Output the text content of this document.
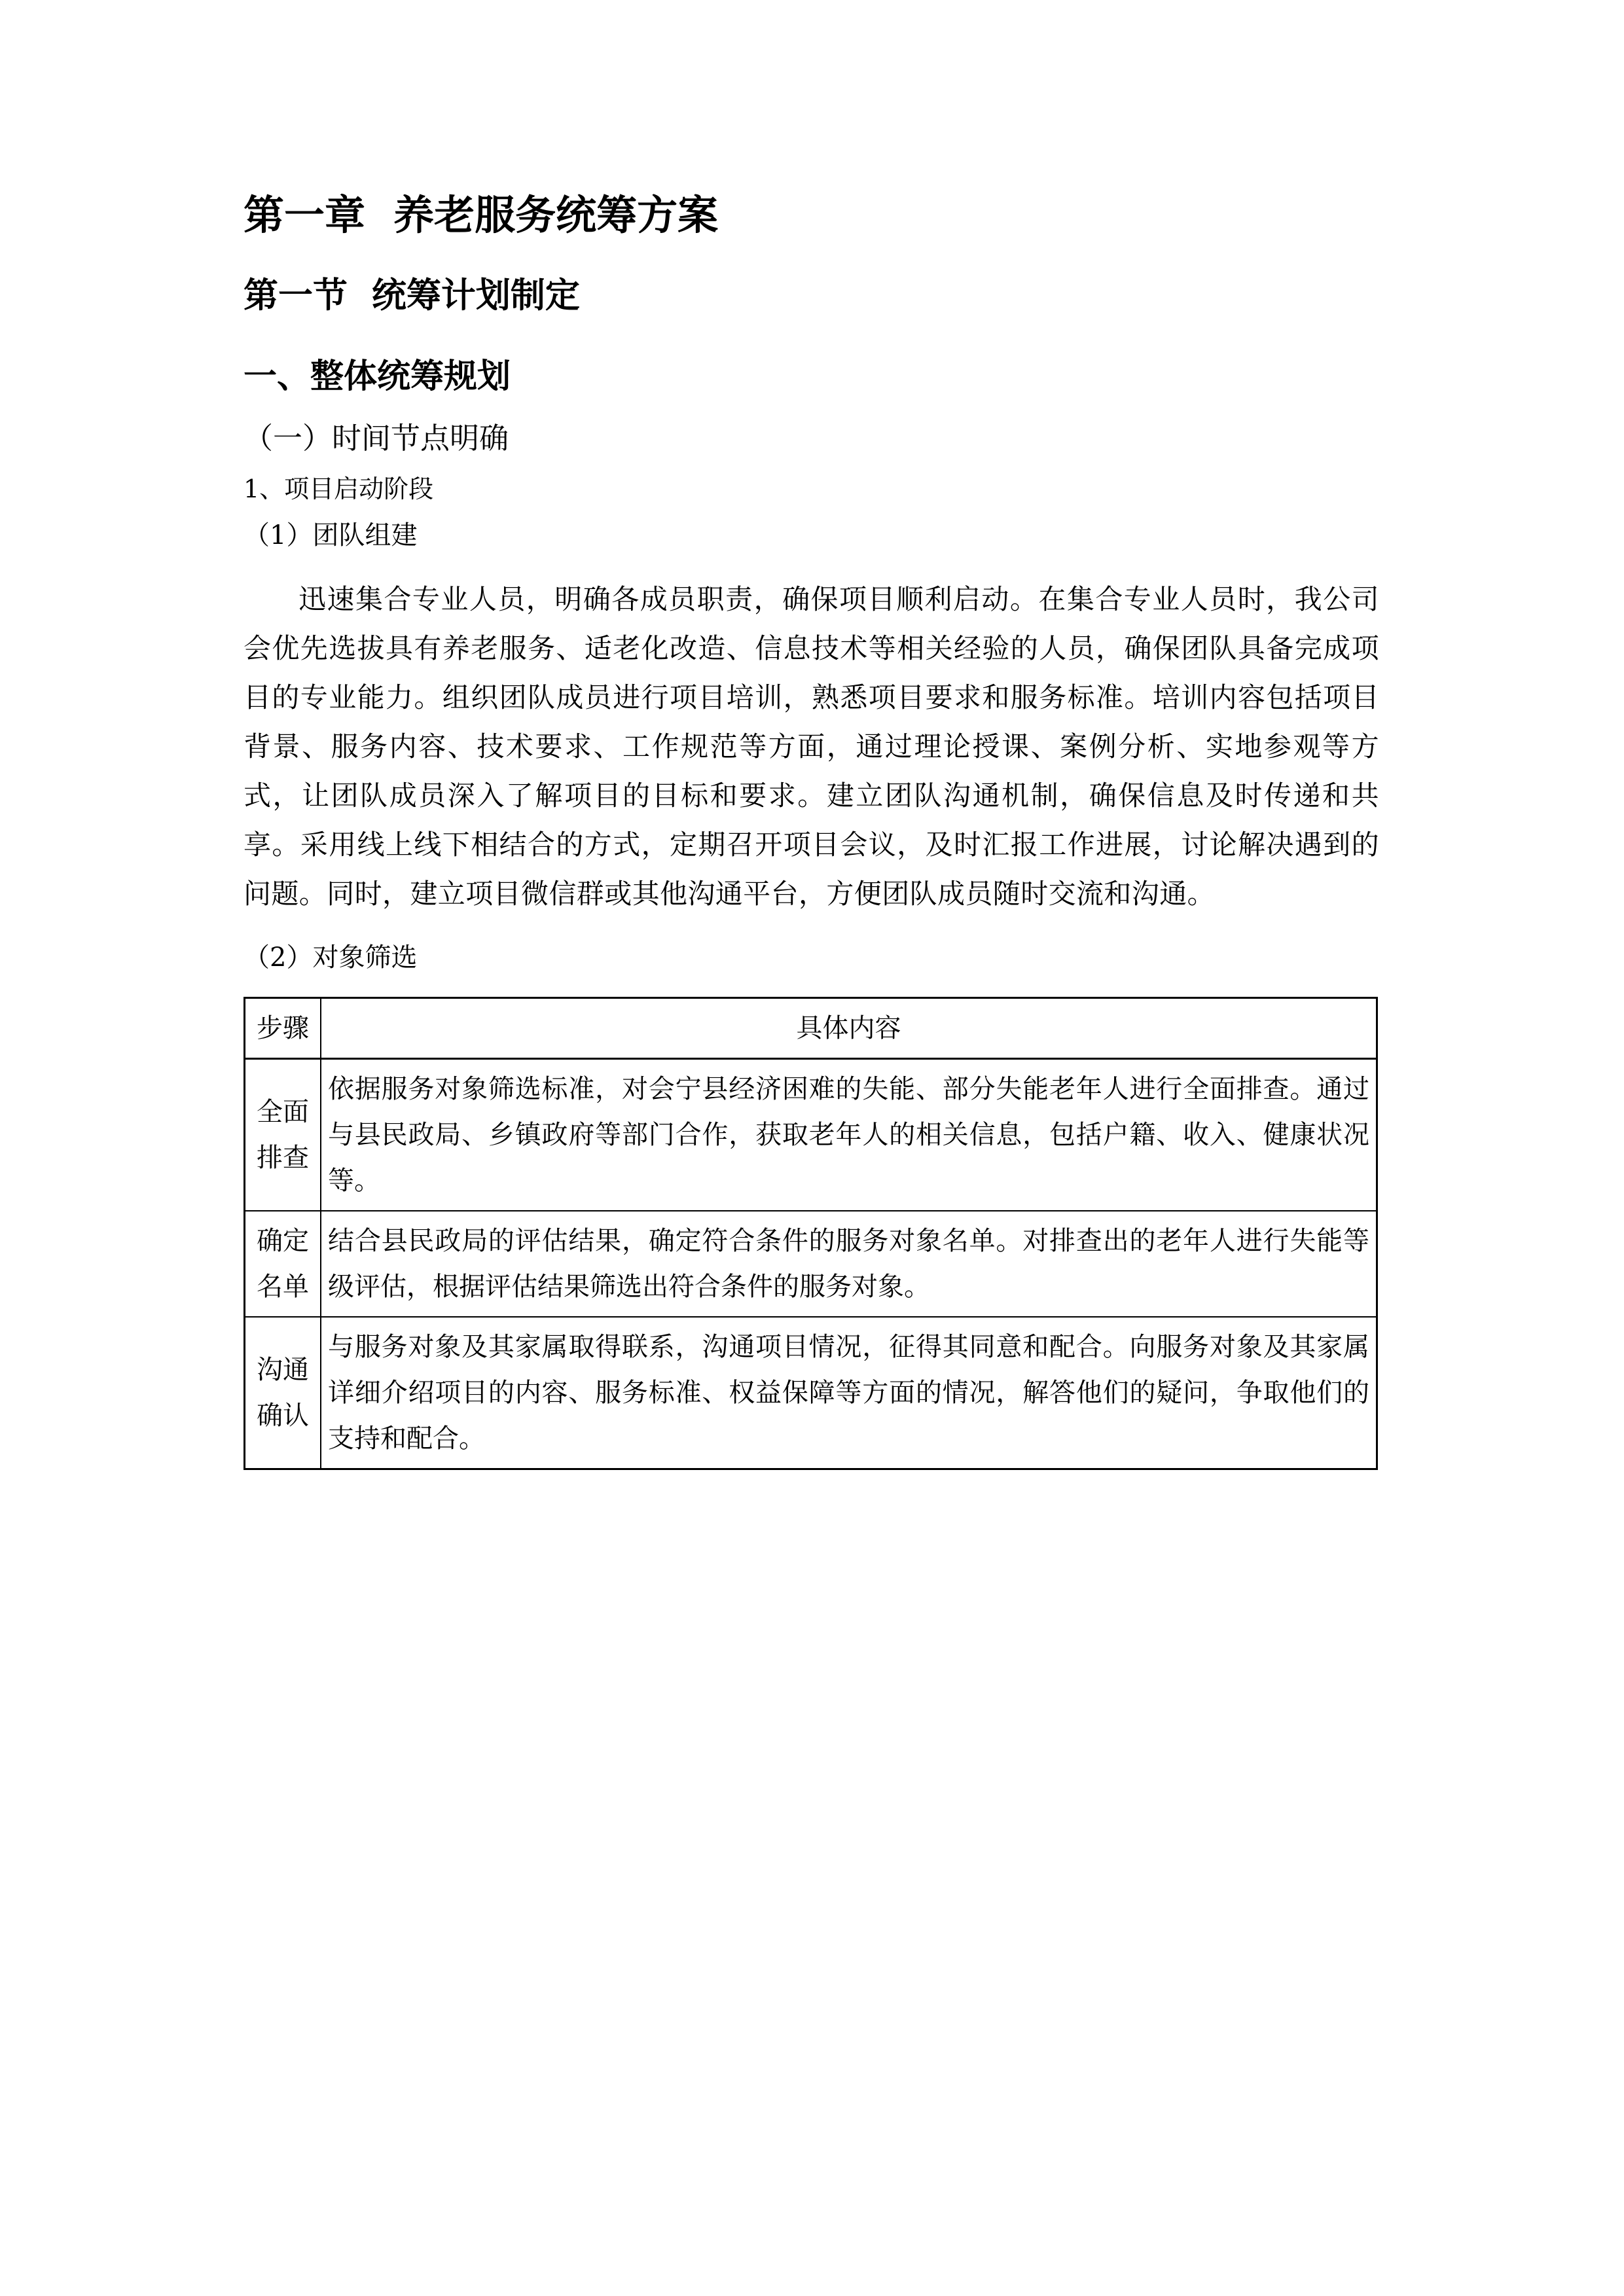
第一章  养老服务统筹方案
第一节  统筹计划制定
一、整体统筹规划
（一）时间节点明确
1、项目启动阶段
（1）团队组建

迅速集合专业人员，明确各成员职责，确保项目顺利启动。在集合专业人员时，我公司会优先选拔具有养老服务、适老化改造、信息技术等相关经验的人员，确保团队具备完成项目的专业能力。组织团队成员进行项目培训，熟悉项目要求和服务标准。培训内容包括项目背景、服务内容、技术要求、工作规范等方面，通过理论授课、案例分析、实地参观等方式，让团队成员深入了解项目的目标和要求。建立团队沟通机制，确保信息及时传递和共享。采用线上线下相结合的方式，定期召开项目会议，及时汇报工作进展，讨论解决遇到的问题。同时，建立项目微信群或其他沟通平台，方便团队成员随时交流和沟通。

（2）对象筛选
步骤	具体内容
全面排查	依据服务对象筛选标准，对会宁县经济困难的失能、部分失能老年人进行全面排查。通过与县民政局、乡镇政府等部门合作，获取老年人的相关信息，包括户籍、收入、健康状况等。
确定名单	结合县民政局的评估结果，确定符合条件的服务对象名单。对排查出的老年人进行失能等级评估，根据评估结果筛选出符合条件的服务对象。
沟通确认	与服务对象及其家属取得联系，沟通项目情况，征得其同意和配合。向服务对象及其家属详细介绍项目的内容、服务标准、权益保障等方面的情况，解答他们的疑问，争取他们的支持和配合。
